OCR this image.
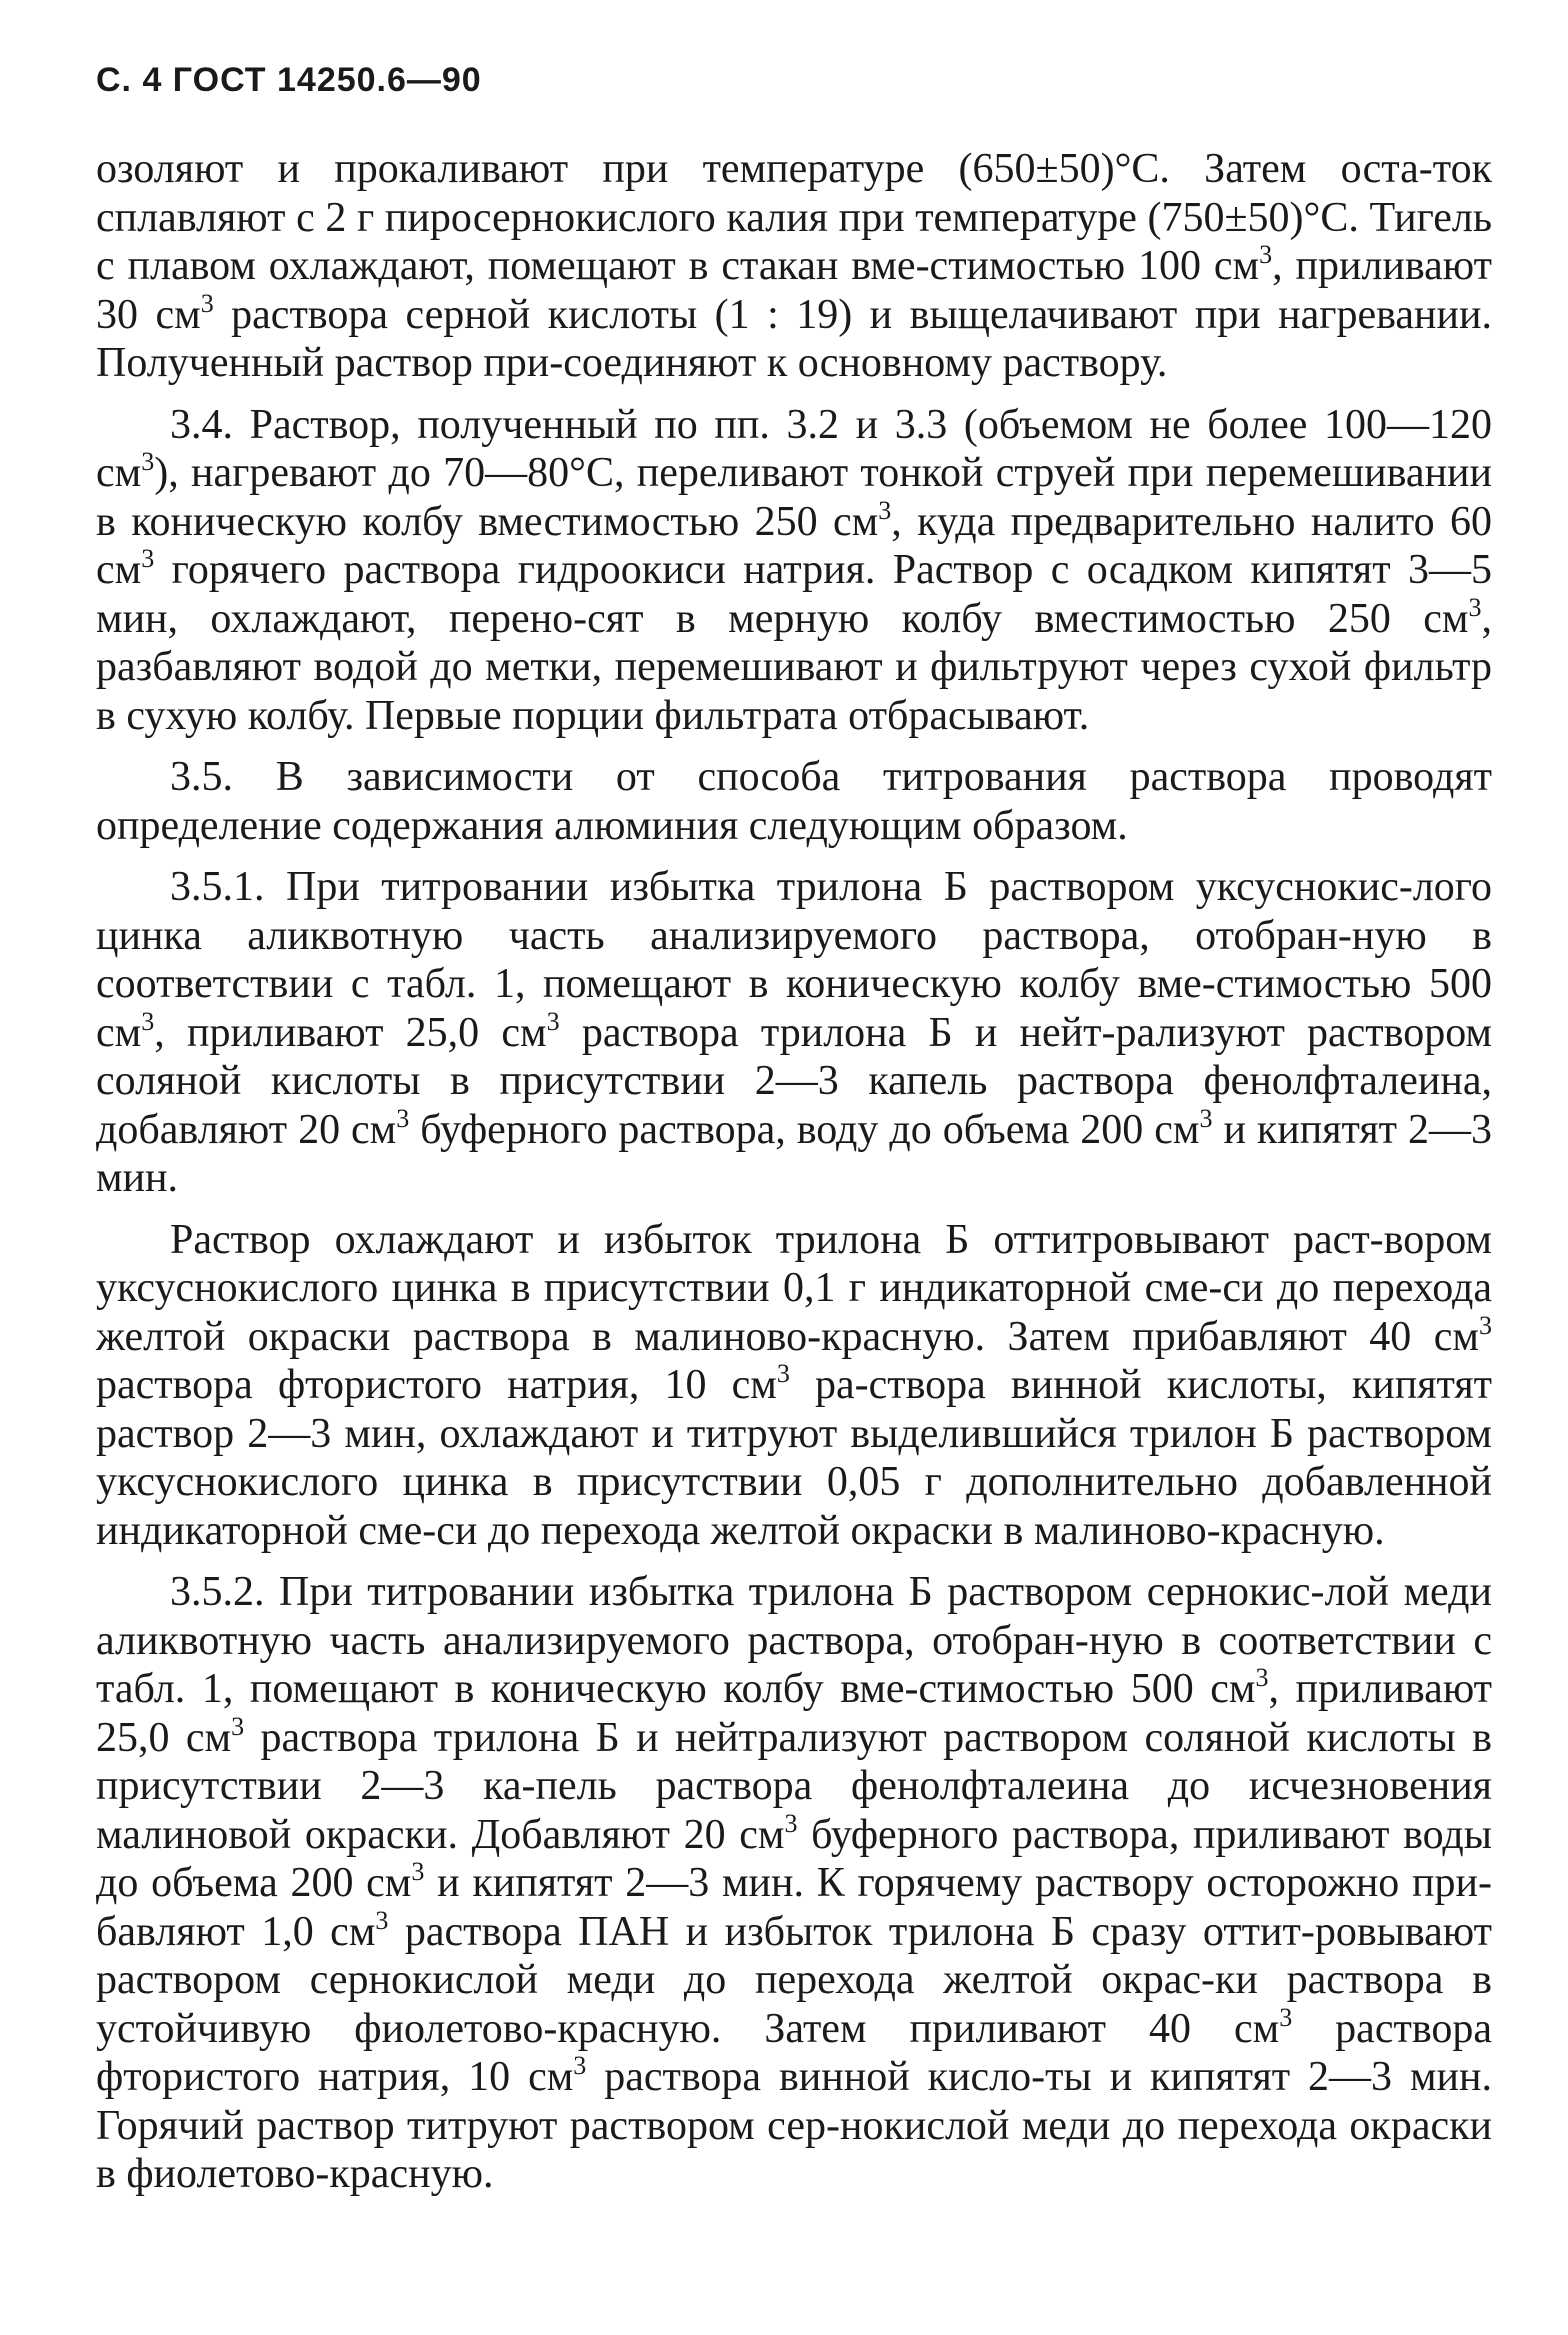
С. 4 ГОСТ 14250.6—90

озоляют и прокаливают при температуре (650±50)°С. Затем оста-ток сплавляют с 2 г пиросернокислого калия при температуре (750±50)°С. Тигель с плавом охлаждают, помещают в стакан вме-стимостью 100 $см^3$, приливают 30 $см^3$ раствора серной кислоты (1 : 19) и выщелачивают при нагревании. Полученный раствор при-соединяют к основному раствору.

3.4. Раствор, полученный по пп. 3.2 и 3.3 (объемом не более 100—120 $см^3$), нагревают до 70—80°С, переливают тонкой струей при перемешивании в коническую колбу вместимостью 250 $см^3$, куда предварительно налито 60 $см^3$ горячего раствора гидроокиси натрия. Раствор с осадком кипятят 3—5 мин, охлаждают, перено-сят в мерную колбу вместимостью 250 $см^3$, разбавляют водой до метки, перемешивают и фильтруют через сухой фильтр в сухую колбу. Первые порции фильтрата отбрасывают.

3.5. В зависимости от способа титрования раствора проводят определение содержания алюминия следующим образом.

3.5.1. При титровании избытка трилона Б раствором уксуснокис-лого цинка аликвотную часть анализируемого раствора, отобран-ную в соответствии с табл. 1, помещают в коническую колбу вме-стимостью 500 $см^3$, приливают 25,0 $см^3$ раствора трилона Б и нейт-рализуют раствором соляной кислоты в присутствии 2—3 капель раствора фенолфталеина, добавляют 20 $см^3$ буферного раствора, воду до объема 200 $см^3$ и кипятят 2—3 мин.

Раствор охлаждают и избыток трилона Б оттитровывают раст-вором уксуснокислого цинка в присутствии 0,1 г индикаторной сме-си до перехода желтой окраски раствора в малиново-красную. Затем прибавляют 40 $см^3$ раствора фтористого натрия, 10 $см^3$ ра-створа винной кислоты, кипятят раствор 2—3 мин, охлаждают и титруют выделившийся трилон Б раствором уксуснокислого цинка в присутствии 0,05 г дополнительно добавленной индикаторной сме-си до перехода желтой окраски в малиново-красную.

3.5.2. При титровании избытка трилона Б раствором сернокис-лой меди аликвотную часть анализируемого раствора, отобран-ную в соответствии с табл. 1, помещают в коническую колбу вме-стимостью 500 $см^3$, приливают 25,0 $см^3$ раствора трилона Б и нейтрализуют раствором соляной кислоты в присутствии 2—3 ка-пель раствора фенолфталеина до исчезновения малиновой окраски. Добавляют 20 $см^3$ буферного раствора, приливают воды до объема 200 $см^3$ и кипятят 2—3 мин. К горячему раствору осторожно при-бавляют 1,0 $см^3$ раствора ПАН и избыток трилона Б сразу оттит-ровывают раствором сернокислой меди до перехода желтой окрас-ки раствора в устойчивую фиолетово-красную. Затем приливают 40 $см^3$ раствора фтористого натрия, 10 $см^3$ раствора винной кисло-ты и кипятят 2—3 мин. Горячий раствор титруют раствором сер-нокислой меди до перехода окраски в фиолетово-красную.
